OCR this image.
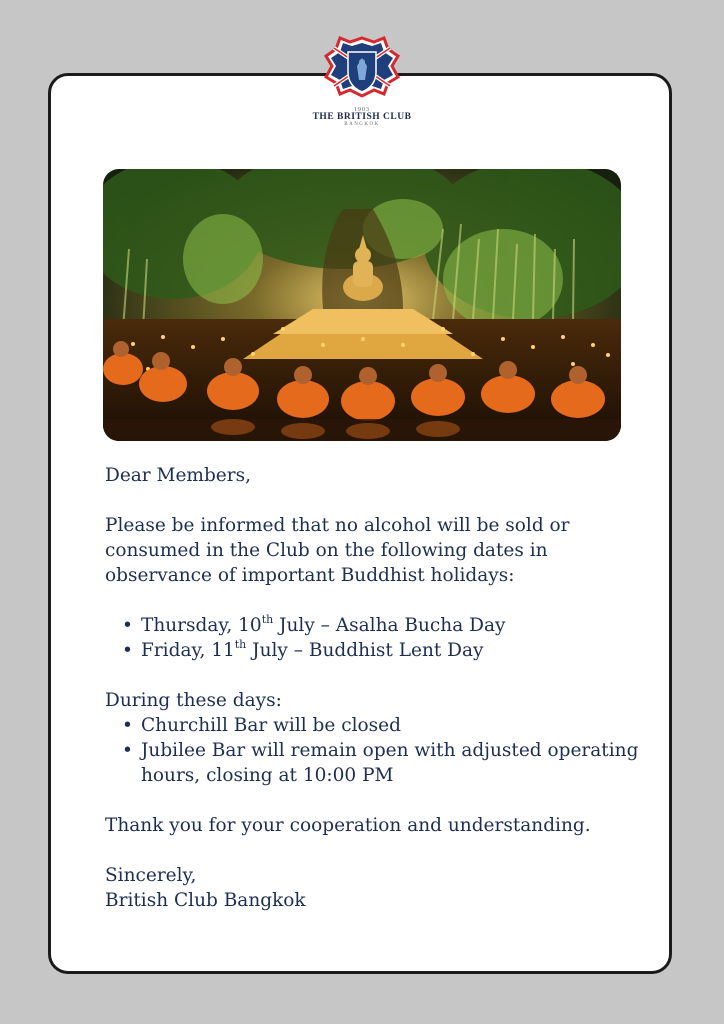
1903
THE BRITISH CLUB
BANGKOK

Dear Members,

Please be informed that no alcohol will be sold or consumed in the Club on the following dates in observance of important Buddhist holidays:

• Thursday, 10th July – Asalha Bucha Day
• Friday, 11th July – Buddhist Lent Day

During these days:

• Churchill Bar will be closed
• Jubilee Bar will remain open with adjusted operating hours, closing at 10:00 PM

Thank you for your cooperation and understanding.

Sincerely,

British Club Bangkok
